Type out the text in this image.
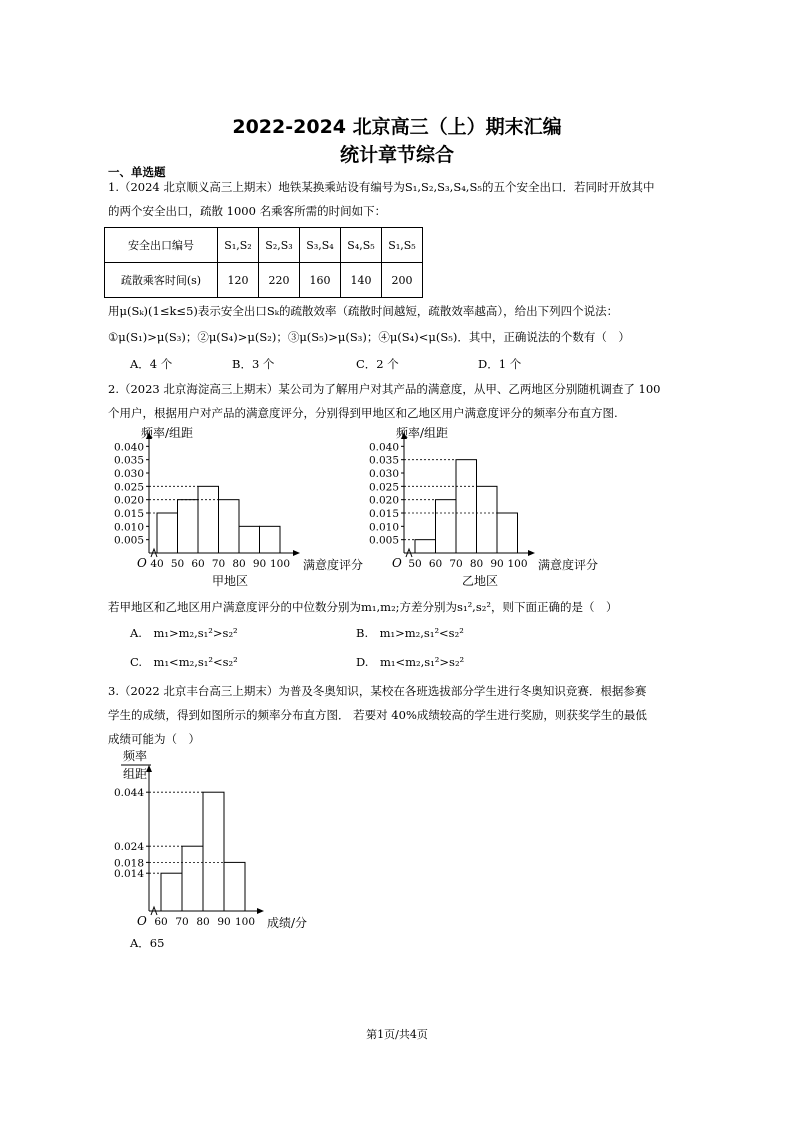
2022-2024 北京高三（上）期末汇编
统计章节综合
一、单选题
1.（2024 北京顺义高三上期末）地铁某换乘站设有编号为S₁,S₂,S₃,S₄,S₅的五个安全出口．若同时开放其中
的两个安全出口，疏散 1000 名乘客所需的时间如下：
安全出口编号	S₁,S₂	S₂,S₃	S₃,S₄	S₄,S₅	S₁,S₅
疏散乘客时间(s)	120	220	160	140	200
用μ(Sₖ)(1≤k≤5)表示安全出口Sₖ的疏散效率（疏散时间越短，疏散效率越高），给出下列四个说法：
①μ(S₁)>μ(S₃)；②μ(S₄)>μ(S₂)；③μ(S₅)>μ(S₃)；④μ(S₄)<μ(S₅)．其中，正确说法的个数有（　）
A．4 个	B．3 个	C．2 个	D．1 个
2.（2023 北京海淀高三上期末）某公司为了解用户对其产品的满意度，从甲、乙两地区分别随机调查了 100
个用户，根据用户对产品的满意度评分，分别得到甲地区和乙地区用户满意度评分的频率分布直方图.
O
0.040
0.035
0.030
0.025
0.020
0.015
0.010
0.005
40 50 60 70 80 90 100 满意度评分
频率/组距
甲地区
O
0.040
0.035
0.030
0.025
0.020
0.015
0.010
0.005
50 60 70 80 90 100 满意度评分
频率/组距
乙地区
若甲地区和乙地区用户满意度评分的中位数分别为m₁,m₂;方差分别为s₁²,s₂²，则下面正确的是（　）
A.　m₁>m₂,s₁²>s₂²	B.　m₁>m₂,s₁²<s₂²
C.　m₁<m₂,s₁²<s₂²	D.　m₁<m₂,s₁²>s₂²
3.（2022 北京丰台高三上期末）为普及冬奥知识，某校在各班选拔部分学生进行冬奥知识竞赛．根据参赛
学生的成绩，得到如图所示的频率分布直方图． 若要对 40%成绩较高的学生进行奖励，则获奖学生的最低
成绩可能为（　）
O
0.044
0.024
0.018
0.014
60 70 80 90 100 成绩/分
频率
组距
A．65
第1页/共4页
